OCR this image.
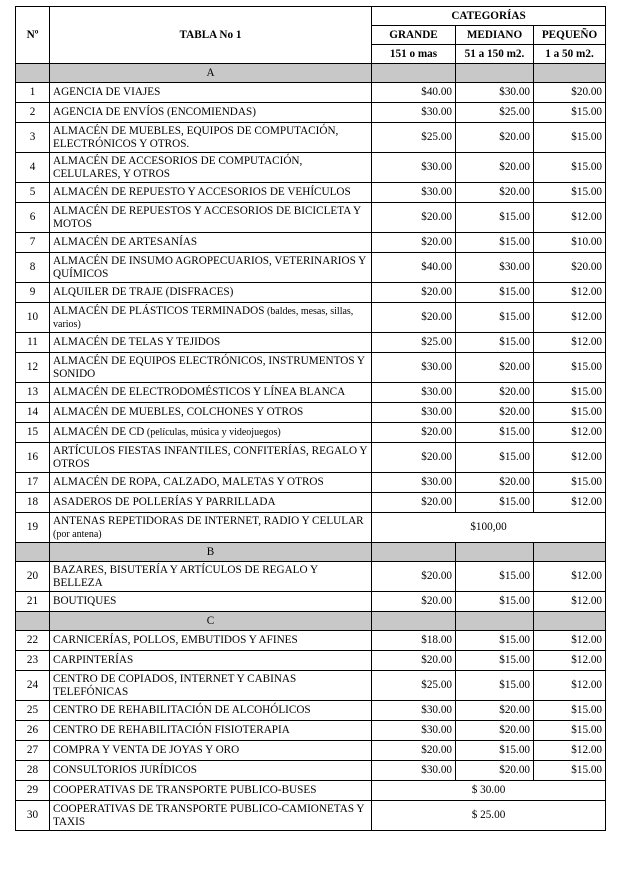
Nº	TABLA No 1	CATEGORÍAS		
		GRANDE	MEDIANO	PEQUEÑO
		151 o mas	51 a 150 m2.	1 a 50 m2.
	A			
1	AGENCIA DE VIAJES	$40.00	$30.00	$20.00
2	AGENCIA DE ENVÍOS (ENCOMIENDAS)	$30.00	$25.00	$15.00
3	ALMACÉN DE MUEBLES, EQUIPOS DE COMPUTACIÓN, ELECTRÓNICOS Y OTROS.	$25.00	$20.00	$15.00
4	ALMACÉN DE ACCESORIOS DE COMPUTACIÓN, CELULARES, Y OTROS	$30.00	$20.00	$15.00
5	ALMACÉN DE REPUESTO Y ACCESORIOS DE VEHÍCULOS	$30.00	$20.00	$15.00
6	ALMACÉN DE REPUESTOS Y ACCESORIOS DE BICICLETA Y MOTOS	$20.00	$15.00	$12.00
7	ALMACÉN DE ARTESANÍAS	$20.00	$15.00	$10.00
8	ALMACÉN DE INSUMO AGROPECUARIOS, VETERINARIOS Y QUÍMICOS	$40.00	$30.00	$20.00
9	ALQUILER DE TRAJE (DISFRACES)	$20.00	$15.00	$12.00
10	ALMACÉN DE PLÁSTICOS TERMINADOS (baldes, mesas, sillas, varios)	$20.00	$15.00	$12.00
11	ALMACÉN DE TELAS Y TEJIDOS	$25.00	$15.00	$12.00
12	ALMACÉN DE EQUIPOS ELECTRÓNICOS, INSTRUMENTOS Y SONIDO	$30.00	$20.00	$15.00
13	ALMACÉN DE ELECTRODOMÉSTICOS Y LÍNEA BLANCA	$30.00	$20.00	$15.00
14	ALMACÉN DE MUEBLES, COLCHONES Y OTROS	$30.00	$20.00	$15.00
15	ALMACÉN DE CD (películas, música y videojuegos)	$20.00	$15.00	$12.00
16	ARTÍCULOS FIESTAS INFANTILES, CONFITERÍAS, REGALO Y OTROS	$20.00	$15.00	$12.00
17	ALMACÉN DE ROPA, CALZADO, MALETAS Y OTROS	$30.00	$20.00	$15.00
18	ASADEROS DE POLLERÍAS Y PARRILLADA	$20.00	$15.00	$12.00
19	ANTENAS REPETIDORAS DE INTERNET, RADIO Y CELULAR (por antena)	$100,00		
	B			
20	BAZARES, BISUTERÍA Y ARTÍCULOS DE REGALO Y BELLEZA	$20.00	$15.00	$12.00
21	BOUTIQUES	$20.00	$15.00	$12.00
	C			
22	CARNICERÍAS, POLLOS, EMBUTIDOS Y AFINES	$18.00	$15.00	$12.00
23	CARPINTERÍAS	$20.00	$15.00	$12.00
24	CENTRO DE COPIADOS, INTERNET Y CABINAS TELEFÓNICAS	$25.00	$15.00	$12.00
25	CENTRO DE REHABILITACIÓN DE ALCOHÓLICOS	$30.00	$20.00	$15.00
26	CENTRO DE REHABILITACIÓN FISIOTERAPIA	$30.00	$20.00	$15.00
27	COMPRA Y VENTA DE JOYAS Y ORO	$20.00	$15.00	$12.00
28	CONSULTORIOS JURÍDICOS	$30.00	$20.00	$15.00
29	COOPERATIVAS DE TRANSPORTE PUBLICO-BUSES	$ 30.00		
30	COOPERATIVAS DE TRANSPORTE PUBLICO-CAMIONETAS Y TAXIS	$ 25.00		
